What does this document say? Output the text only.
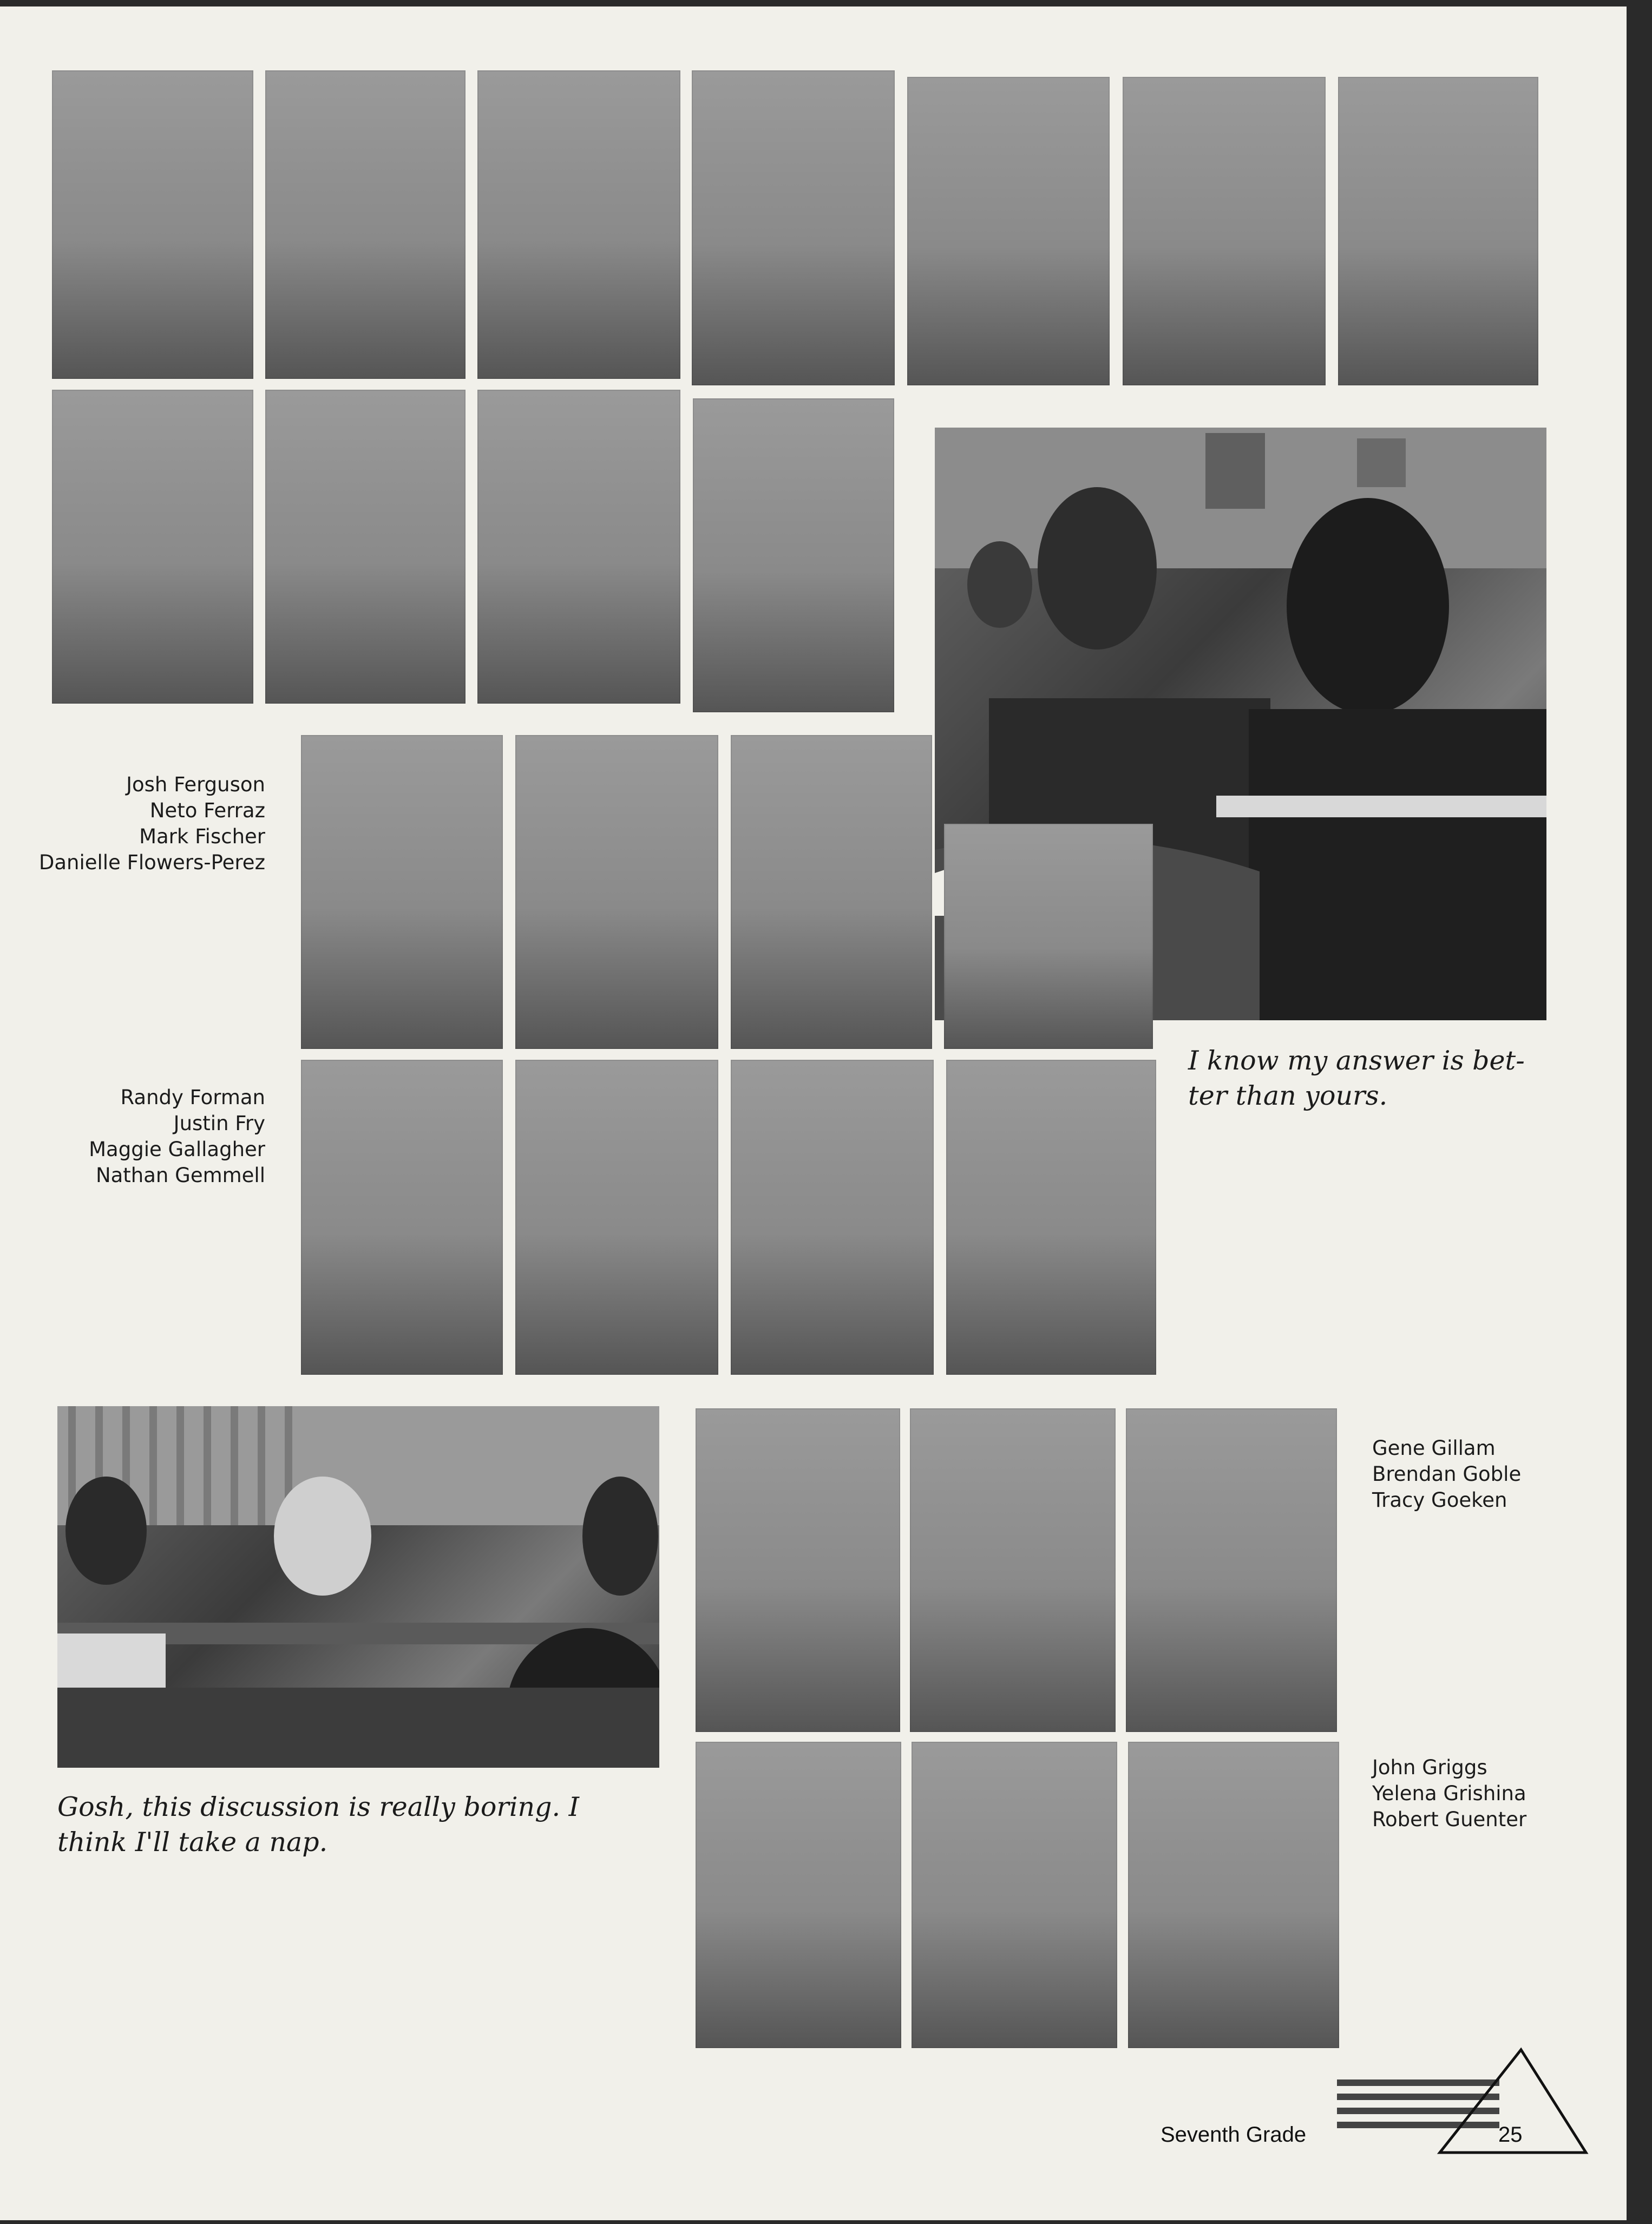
Josh Ferguson
Neto Ferraz
Mark Fischer
Danielle Flowers-Perez
I know my answer is bet-
ter than yours.
Randy Forman
Justin Fry
Maggie Gallagher
Nathan Gemmell
Gene Gillam
Brendan Goble
Tracy Goeken
Gosh, this discussion is really boring. I
think I'll take a nap.
John Griggs
Yelena Grishina
Robert Guenter
Seventh Grade	25
